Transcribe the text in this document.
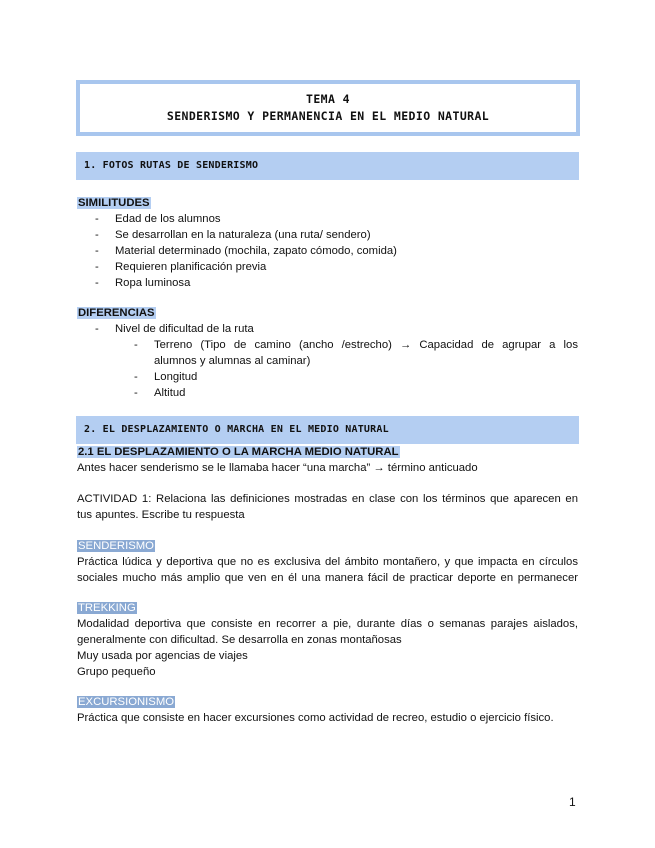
TEMA 4
SENDERISMO Y PERMANENCIA EN EL MEDIO NATURAL
1. FOTOS RUTAS DE SENDERISMO
SIMILITUDES
- Edad de los alumnos
- Se desarrollan en la naturaleza (una ruta/ sendero)
- Material determinado (mochila, zapato cómodo, comida)
- Requieren planificación previa
- Ropa luminosa
DIFERENCIAS
- Nivel de dificultad de la ruta
- Terreno (Tipo de camino (ancho /estrecho) → Capacidad de agrupar a los
alumnos y alumnas al caminar)
- Longitud
- Altitud
2. EL DESPLAZAMIENTO O MARCHA EN EL MEDIO NATURAL
2.1 EL DESPLAZAMIENTO O LA MARCHA MEDIO NATURAL
Antes hacer senderismo se le llamaba hacer “una marcha” → término anticuado
ACTIVIDAD 1: Relaciona las definiciones mostradas en clase con los términos que aparecen en
tus apuntes. Escribe tu respuesta
SENDERISMO
Práctica lúdica y deportiva que no es exclusiva del ámbito montañero, y que impacta en círculos
sociales mucho más amplio que ven en él una manera fácil de practicar deporte en permanecer
TREKKING
Modalidad deportiva que consiste en recorrer a pie, durante días o semanas parajes aislados,
generalmente con dificultad. Se desarrolla en zonas montañosas
Muy usada por agencias de viajes
Grupo pequeño
EXCURSIONISMO
Práctica que consiste en hacer excursiones como actividad de recreo, estudio o ejercicio físico.
1
